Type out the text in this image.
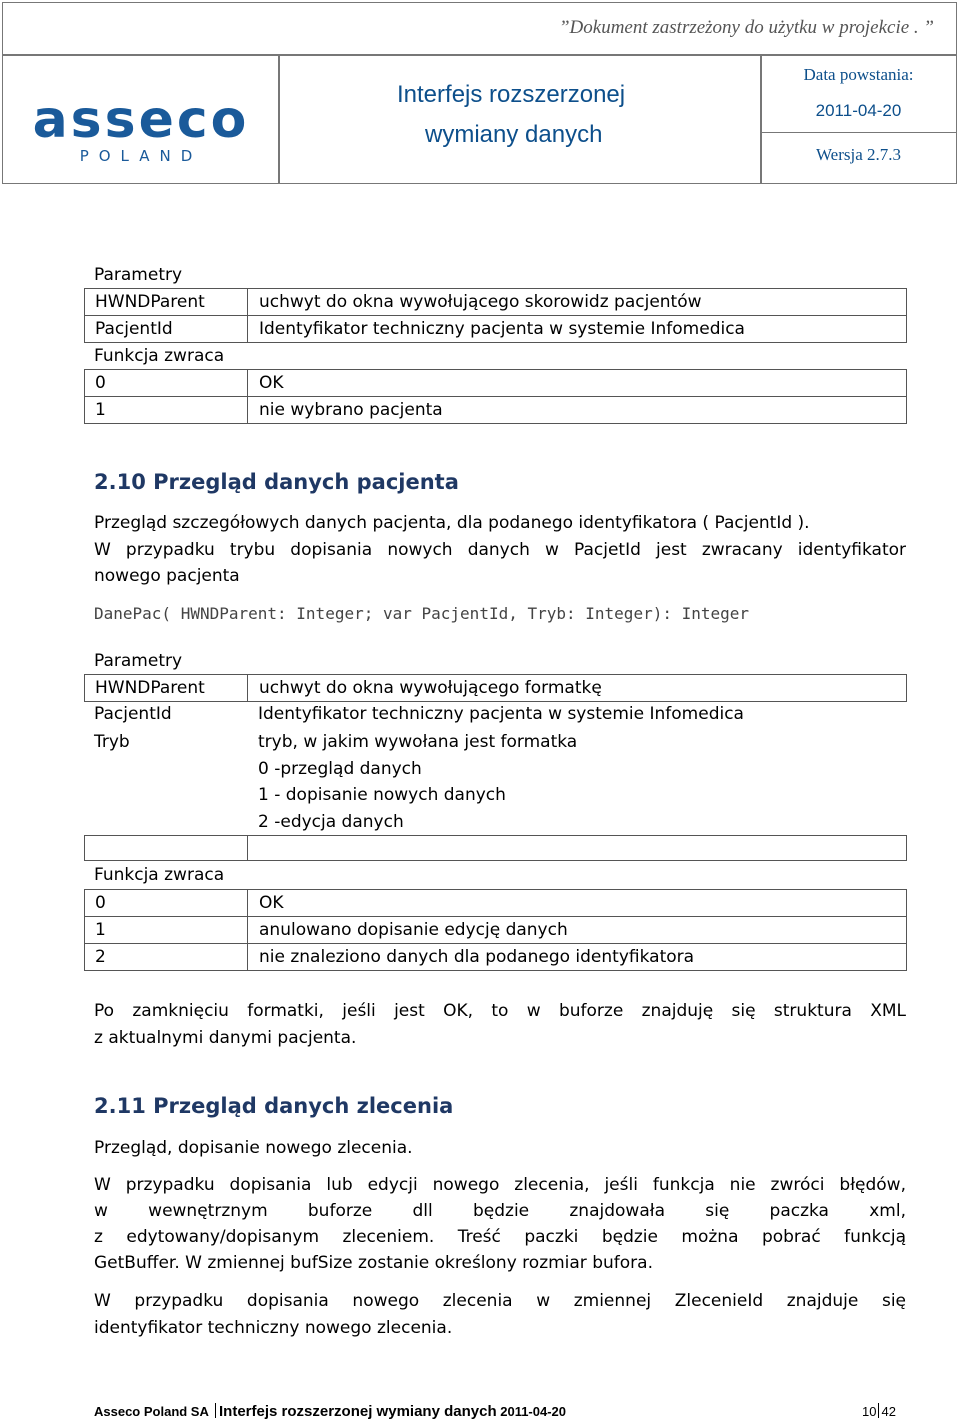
”Dokument zastrzeżony do użytku w projekcie . ”
asseco
POLAND
Interfejs rozszerzonej
wymiany danych
Data powstania:
2011-04-20
Wersja 2.7.3
Parametry
HWNDParent	uchwyt do okna wywołującego skorowidz pacjentów
PacjentId	Identyfikator techniczny pacjenta w systemie Infomedica
Funkcja zwraca
0	OK
1	nie wybrano pacjenta
2.10 Przegląd danych pacjenta
Przegląd szczegółowych danych pacjenta, dla podanego identyfikatora ( PacjentId ).
W przypadku trybu dopisania nowych danych w PacjetId jest zwracany identyfikator
nowego pacjenta
DanePac( HWNDParent: Integer; var PacjentId, Tryb: Integer): Integer
Parametry
HWNDParent	uchwyt do okna wywołującego formatkę
PacjentId	Identyfikator techniczny pacjenta w systemie Infomedica
Tryb	tryb, w jakim wywołana jest formatka
0 -przegląd danych
1 - dopisanie nowych danych
2 -edycja danych
Funkcja zwraca
0	OK
1	anulowano dopisanie edycję danych
2	nie znaleziono danych dla podanego identyfikatora
Po zamknięciu formatki, jeśli jest OK, to w buforze znajduję się struktura XML
z aktualnymi danymi pacjenta.
2.11 Przegląd danych zlecenia
Przegląd, dopisanie nowego zlecenia.
W przypadku dopisania lub edycji nowego zlecenia, jeśli funkcja nie zwróci błędów,
w wewnętrznym buforze dll będzie znajdowała się paczka xml,
z edytowany/dopisanym zleceniem. Treść paczki będzie można pobrać funkcją
GetBuffer. W zmiennej bufSize zostanie określony rozmiar bufora.
W przypadku dopisania nowego zlecenia w zmiennej ZlecenieId znajduje się
identyfikator techniczny nowego zlecenia.
Asseco Poland SA Interfejs rozszerzonej wymiany danych 2011-04-20	10 42
